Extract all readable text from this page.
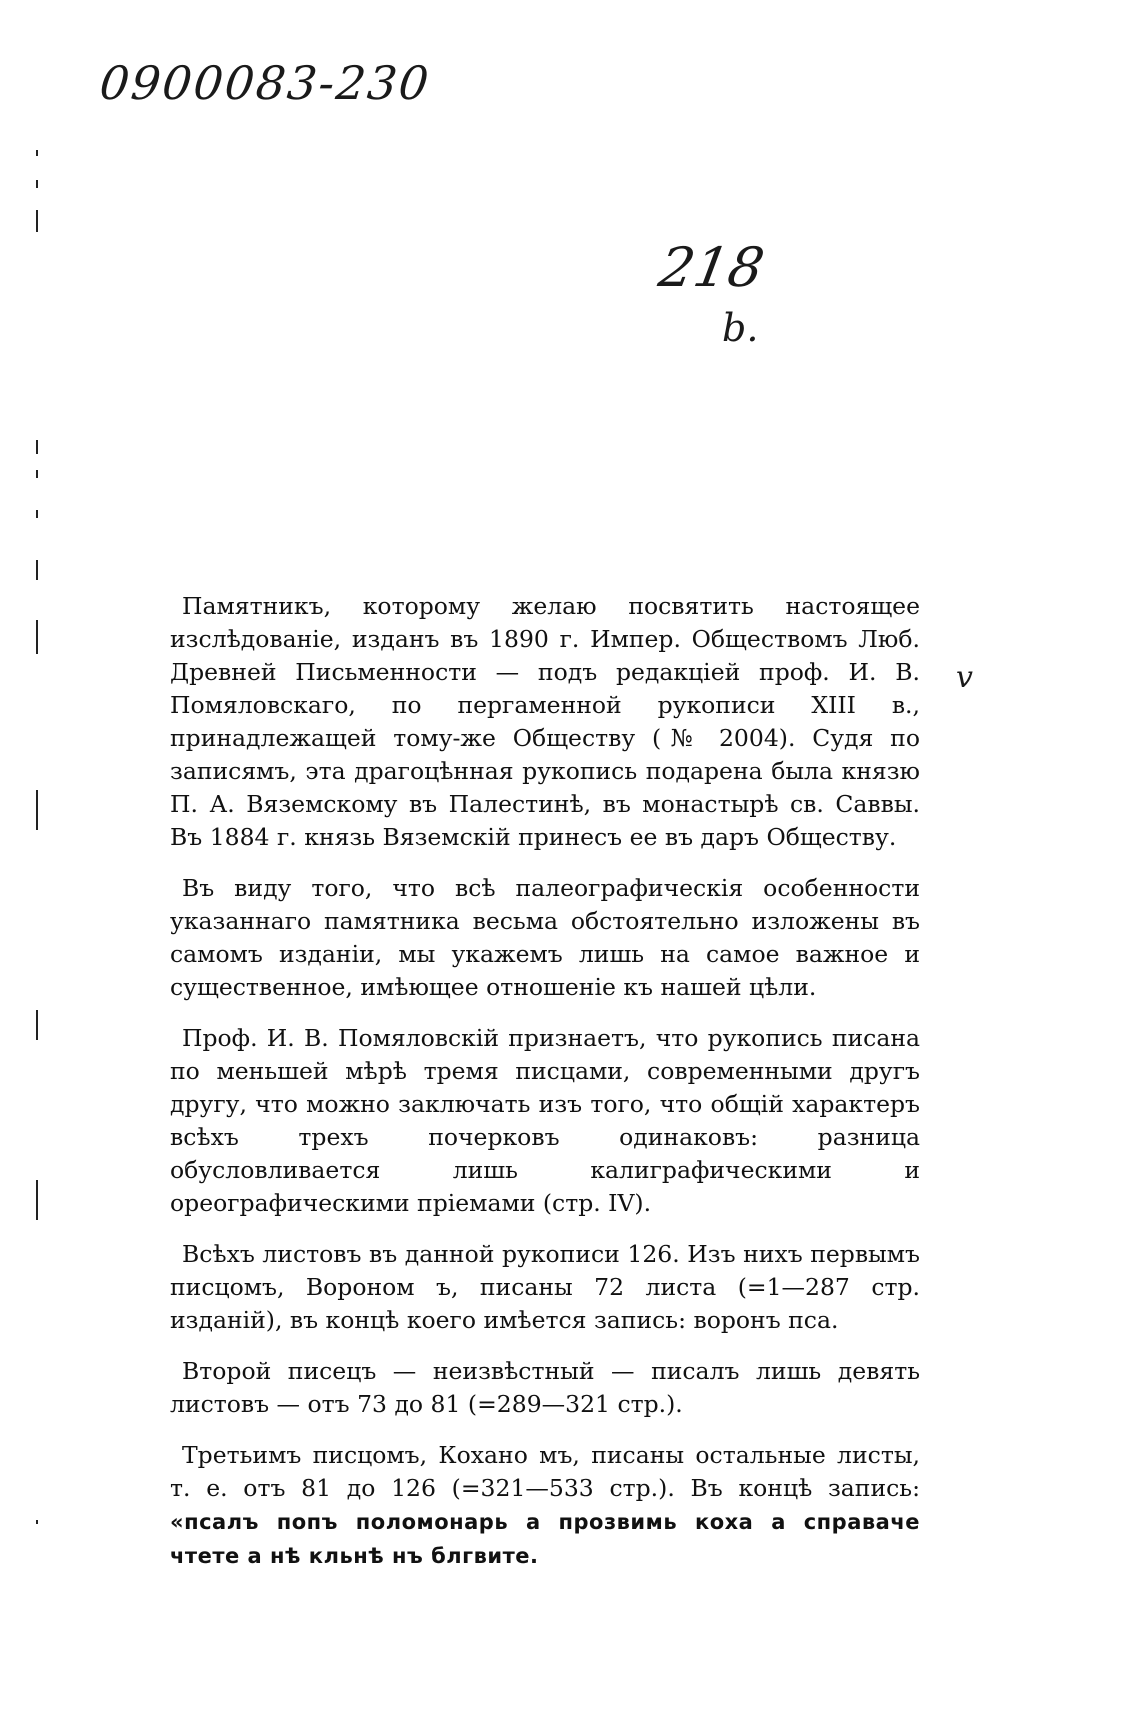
0900083-230
218
b.
v

Памятникъ, которому желаю посвятить настоящее изслѣдованіе, изданъ въ 1890 г. Импер. Обществомъ Люб. Древней Письменности — подъ редакціей проф. И. В. Помяловскаго, по пергаменной рукописи XIII в., принадлежащей тому-же Обществу (№ 2004). Судя по записямъ, эта драгоцѣнная рукопись подарена была князю П. А. Вяземскому въ Палестинѣ, въ монастырѣ св. Саввы. Въ 1884 г. князь Вяземскій принесъ ее въ даръ Обществу.

Въ виду того, что всѣ палеографическія особенности указаннаго памятника весьма обстоятельно изложены въ самомъ изданіи, мы укажемъ лишь на самое важное и существенное, имѣющее отношеніе къ нашей цѣли.

Проф. И. В. Помяловскій признаетъ, что рукопись писана по меньшей мѣрѣ тремя писцами, современными другъ другу, что можно заключать изъ того, что общій характеръ всѣхъ трехъ почерковъ одинаковъ: разница обусловливается лишь калиграфическими и ореографическими пріемами (стр. IV).

Всѣхъ листовъ въ данной рукописи 126. Изъ нихъ первымъ писцомъ, Вороном ъ, писаны 72 листа (=1—287 стр. изданій), въ концѣ коего имѣется запись: воронъ пса.

Второй писецъ — неизвѣстный — писалъ лишь девять листовъ — отъ 73 до 81 (=289—321 стр.).

Третьимъ писцомъ, Кохано мъ, писаны остальные листы, т. е. отъ 81 до 126 (=321—533 стр.). Въ концѣ запись: «псалъ попъ поломонарь а прозвимь коха а справаче чтете а нѣ кльнѣ нъ блгвите.
